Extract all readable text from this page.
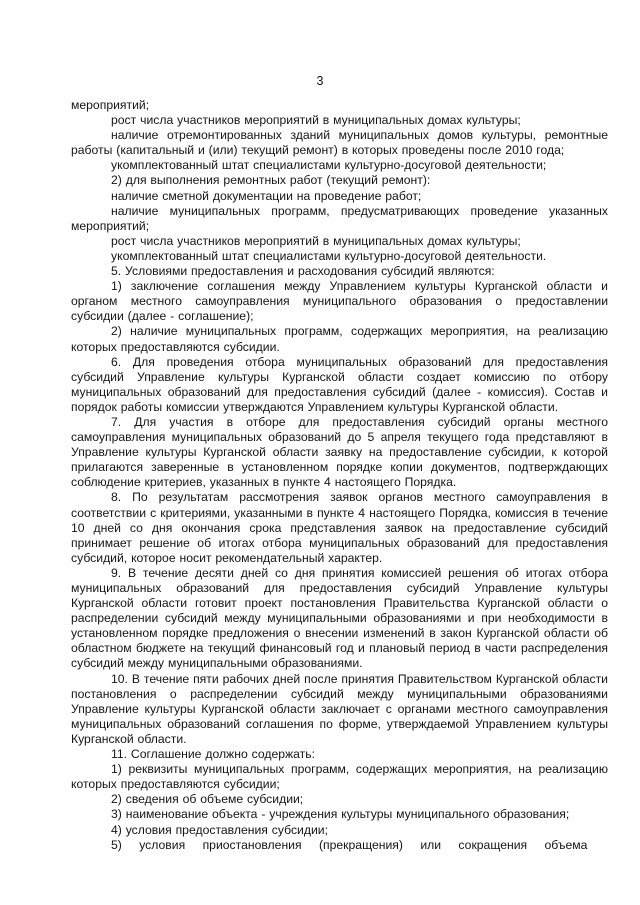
3

мероприятий;

рост числа участников мероприятий в муниципальных домах культуры;

наличие отремонтированных зданий муниципальных домов культуры, ремонтные работы (капитальный и (или) текущий ремонт) в которых проведены после 2010 года;

укомплектованный штат специалистами культурно-досуговой деятельности;

2) для выполнения ремонтных работ (текущий ремонт):

наличие сметной документации на проведение работ;

наличие муниципальных программ, предусматривающих проведение указанных мероприятий;

рост числа участников мероприятий в муниципальных домах культуры;

укомплектованный штат специалистами культурно-досуговой деятельности.

5. Условиями предоставления и расходования субсидий являются:

1) заключение соглашения между Управлением культуры Курганской области и органом местного самоуправления муниципального образования о предоставлении субсидии (далее - соглашение);

2) наличие муниципальных программ, содержащих мероприятия, на реализацию которых предоставляются субсидии.

6. Для проведения отбора муниципальных образований для предоставления субсидий Управление культуры Курганской области создает комиссию по отбору муниципальных образований для предоставления субсидий (далее - комиссия). Состав и порядок работы комиссии утверждаются Управлением культуры Курганской области.

7. Для участия в отборе для предоставления субсидий органы местного самоуправления муниципальных образований до 5 апреля текущего года представляют в Управление культуры Курганской области заявку на предоставление субсидии, к которой прилагаются заверенные в установленном порядке копии документов, подтверждающих соблюдение критериев, указанных в пункте 4 настоящего Порядка.

8. По результатам рассмотрения заявок органов местного самоуправления в соответствии с критериями, указанными в пункте 4 настоящего Порядка, комиссия в течение 10 дней со дня окончания срока представления заявок на предоставление субсидий принимает решение об итогах отбора муниципальных образований для предоставления субсидий, которое носит рекомендательный характер.

9. В течение десяти дней со дня принятия комиссией решения об итогах отбора муниципальных образований для предоставления субсидий Управление культуры Курганской области готовит проект постановления Правительства Курганской области о распределении субсидий между муниципальными образованиями и при необходимости в установленном порядке предложения о внесении изменений в закон Курганской области об областном бюджете на текущий финансовый год и плановый период в части распределения субсидий между муниципальными образованиями.

10. В течение пяти рабочих дней после принятия Правительством Курганской области постановления о распределении субсидий между муниципальными образованиями Управление культуры Курганской области заключает с органами местного самоуправления муниципальных образований соглашения по форме, утверждаемой Управлением культуры Курганской области.

11. Соглашение должно содержать:

1) реквизиты муниципальных программ, содержащих мероприятия, на реализацию которых предоставляются субсидии;

2) сведения об объеме субсидии;

3) наименование объекта - учреждения культуры муниципального образования;

4) условия предоставления субсидии;

5) условия приостановления (прекращения) или сокращения объема
